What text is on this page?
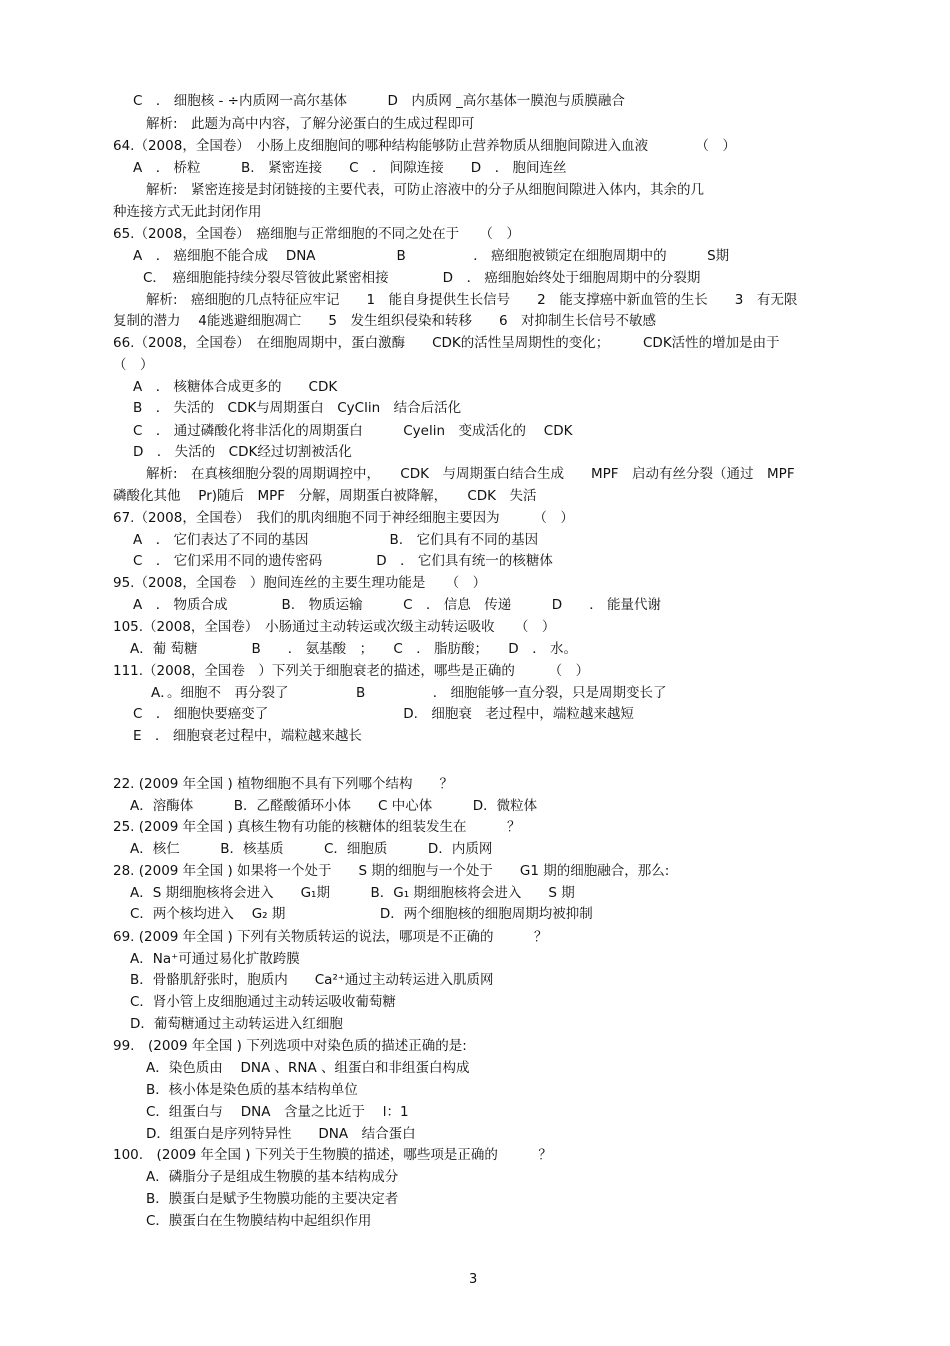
C　． 细胞核 - ÷内质网一高尔基体　　　D　内质网 _高尔基体一膜泡与质膜融合
解析:　此题为高中内容，了解分泌蛋白的生成过程即可
64.（2008，全国卷）　小肠上皮细胞间的哪种结构能够防止营养物质从细胞间隙进入血液　　　　（　）
A　． 桥粒　　　B.　紧密连接　　C　． 间隙连接　　D　． 胞间连丝
解析:　紧密连接是封闭链接的主要代表，可防止溶液中的分子从细胞间隙进入体内，其余的几
种连接方式无此封闭作用
65.（2008，全国卷）　癌细胞与正常细胞的不同之处在于　　（　）
A　． 癌细胞不能合成　 DNA　　　　　　B　　　　　． 癌细胞被锁定在细胞周期中的　　　S期
C．　癌细胞能持续分裂尽管彼此紧密相接　　　　D　． 癌细胞始终处于细胞周期中的分裂期
解析:　癌细胞的几点特征应牢记　　1　能自身提供生长信号　　2　能支撑癌中新血管的生长　　3　有无限
复制的潜力　 4能逃避细胞凋亡　　5　发生组织侵染和转移　　6　对抑制生长信号不敏感
66.（2008，全国卷）　在细胞周期中，蛋白激酶　　CDK的活性呈周期性的变化；　　　CDK活性的增加是由于
（　）
A　． 核糖体合成更多的　　CDK
B　． 失活的　CDK与周期蛋白　CyClin　结合后活化
C　． 通过磷酸化将非活化的周期蛋白　　　Cyelin　变成活化的　 CDK
D　． 失活的　CDK经过切割被活化
解析:　在真核细胞分裂的周期调控中，　　CDK　与周期蛋白结合生成　　MPF　启动有丝分裂（通过　MPF
磷酸化其他　 Pr)随后　MPF　分解，周期蛋白被降解，　　CDK　失活
67.（2008，全国卷）　我们的肌肉细胞不同于神经细胞主要因为　　　（　）
A　． 它们表达了不同的基因　　　　　　B.　它们具有不同的基因
C　． 它们采用不同的遗传密码　　　　D　． 它们具有统一的核糖体
95.（2008，全国卷　）胞间连丝的主要生理功能是　　（　）
A　． 物质合成　　　　B.　物质运输　　　C　． 信息　传递　　　D　　． 能量代谢
105.（2008，全国卷）　小肠通过主动转运或次级主动转运吸收　　（　）
A．葡 萄糖　　　　B　　． 氨基酸　；　　C　． 脂肪酸；　　D　． 水。
111.（2008，全国卷　）下列关于细胞衰老的描述，哪些是正确的　　　（　）
A．。细胞不　再分裂了　　　　　B　　　　　． 细胞能够一直分裂，只是周期变长了
C　． 细胞快要癌变了　　　　　　　　　　D.　细胞衰　老过程中，端粒越来越短
E　． 细胞衰老过程中，端粒越来越长
22. (2009 年全国 ) 植物细胞不具有下列哪个结构　　？
A．溶酶体　　　B．乙醛酸循环小体　　C 中心体　　　D．微粒体
25. (2009 年全国 ) 真核生物有功能的核糖体的组装发生在　　　？
A．核仁　　　B．核基质　　　C．细胞质　　　D．内质网
28. (2009 年全国 ) 如果将一个处于　　S 期的细胞与一个处于　　G1 期的细胞融合，那么:
A．S 期细胞核将会进入　　G₁期　　　B．G₁ 期细胞核将会进入　　S 期
C．两个核均进入　 G₂ 期　　　　　　　D．两个细胞核的细胞周期均被抑制
69. (2009 年全国 ) 下列有关物质转运的说法，哪项是不正确的　　　？
A．Na⁺可通过易化扩散跨膜
B．骨骼肌舒张时，胞质内　　Ca²⁺通过主动转运进入肌质网
C．肾小管上皮细胞通过主动转运吸收葡萄糖
D．葡萄糖通过主动转运进入红细胞
99.　(2009 年全国 ) 下列选项中对染色质的描述正确的是:
A．染色质由　 DNA 、RNA 、组蛋白和非组蛋白构成
B．核小体是染色质的基本结构单位
C．组蛋白与　 DNA　含量之比近于　 l：1
D．组蛋白是序列特异性　　DNA　结合蛋白
100.　(2009 年全国 ) 下列关于生物膜的描述，哪些项是正确的　　　？
A．磷脂分子是组成生物膜的基本结构成分
B．膜蛋白是赋予生物膜功能的主要决定者
C．膜蛋白在生物膜结构中起组织作用
3
